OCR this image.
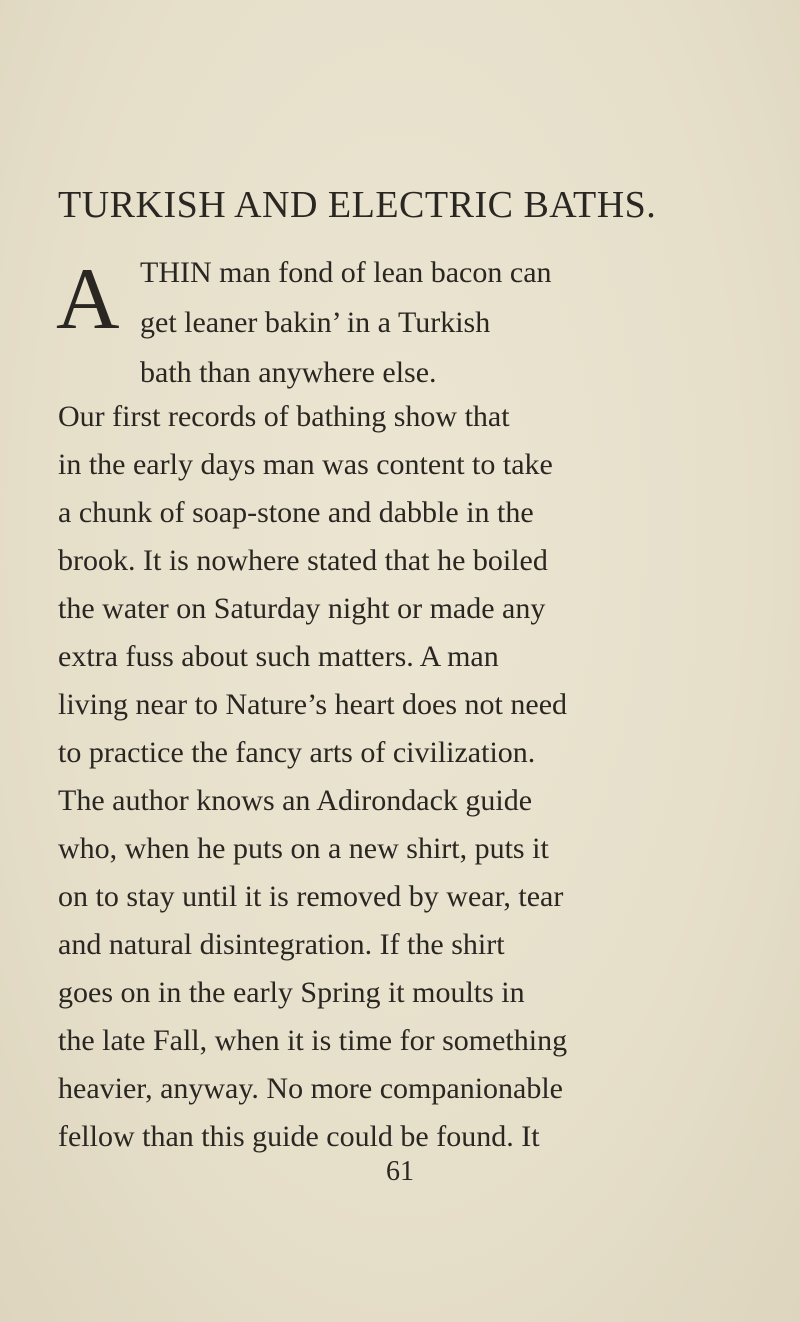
TURKISH AND ELECTRIC BATHS.
A THIN man fond of lean bacon can
get leaner bakin’ in a Turkish
bath than anywhere else.
Our first records of bathing show that
in the early days man was content to take
a chunk of soap-stone and dabble in the
brook. It is nowhere stated that he boiled
the water on Saturday night or made any
extra fuss about such matters. A man
living near to Nature’s heart does not need
to practice the fancy arts of civilization.
The author knows an Adirondack guide
who, when he puts on a new shirt, puts it
on to stay until it is removed by wear, tear
and natural disintegration. If the shirt
goes on in the early Spring it moults in
the late Fall, when it is time for something
heavier, anyway. No more companionable
fellow than this guide could be found. It
61
